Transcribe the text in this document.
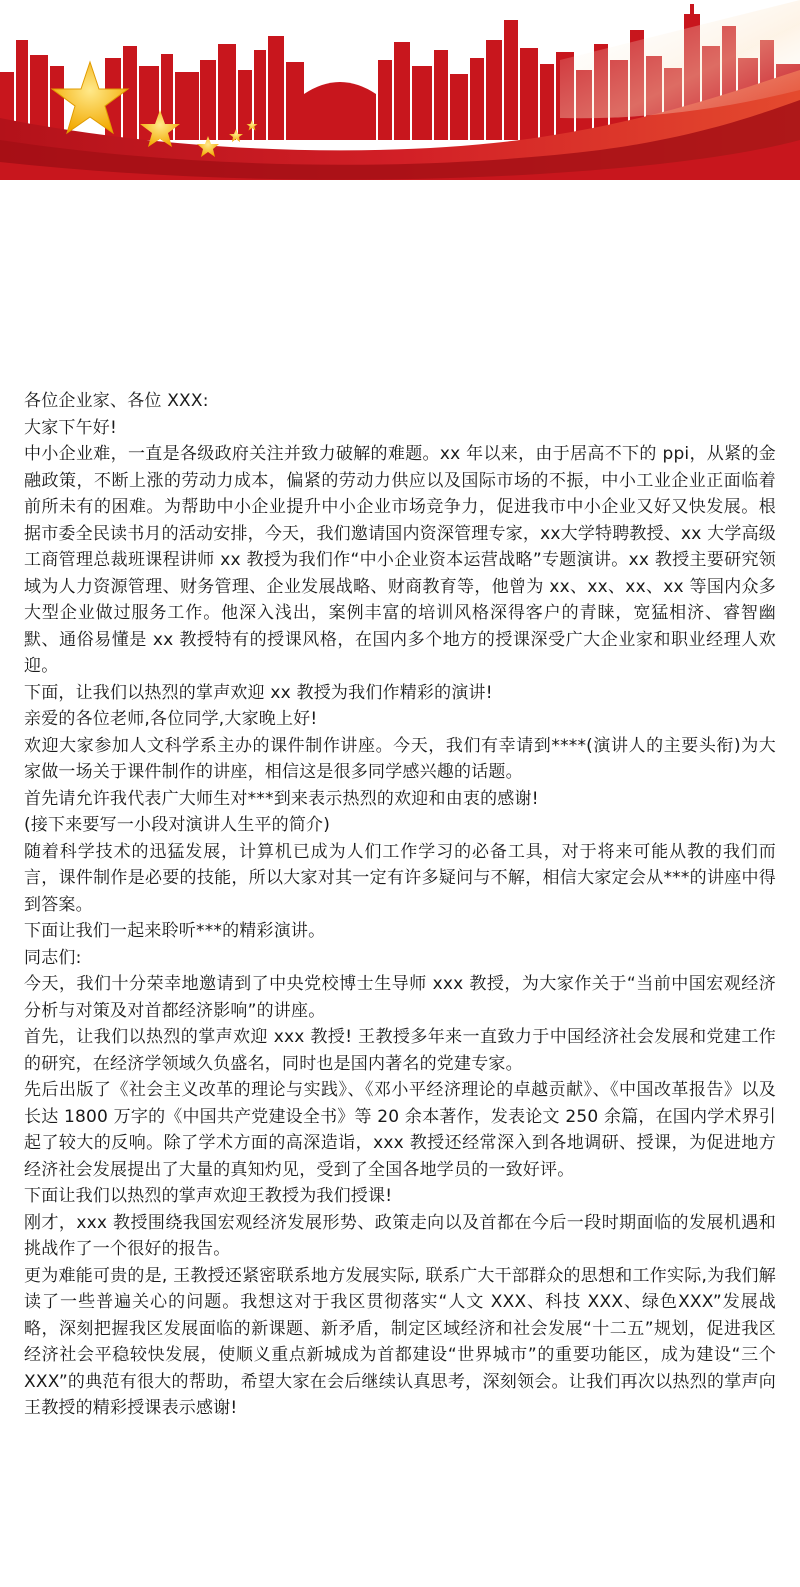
各位企业家、各位 XXX:

大家下午好!

中小企业难，一直是各级政府关注并致力破解的难题。xx 年以来，由于居高不下的 ppi，从紧的金融政策，不断上涨的劳动力成本，偏紧的劳动力供应以及国际市场的不振，中小工业企业正面临着前所未有的困难。为帮助中小企业提升中小企业市场竞争力，促进我市中小企业又好又快发展。根据市委全民读书月的活动安排，今天，我们邀请国内资深管理专家，xx大学特聘教授、xx 大学高级工商管理总裁班课程讲师 xx 教授为我们作“中小企业资本运营战略”专题演讲。xx 教授主要研究领域为人力资源管理、财务管理、企业发展战略、财商教育等，他曾为 xx、xx、xx、xx 等国内众多大型企业做过服务工作。他深入浅出，案例丰富的培训风格深得客户的青睐，宽猛相济、睿智幽默、通俗易懂是 xx 教授特有的授课风格，在国内多个地方的授课深受广大企业家和职业经理人欢迎。

下面，让我们以热烈的掌声欢迎 xx 教授为我们作精彩的演讲!

亲爱的各位老师,各位同学,大家晚上好!

欢迎大家参加人文科学系主办的课件制作讲座。今天，我们有幸请到****(演讲人的主要头衔)为大家做一场关于课件制作的讲座，相信这是很多同学感兴趣的话题。

首先请允许我代表广大师生对***到来表示热烈的欢迎和由衷的感谢!

(接下来要写一小段对演讲人生平的简介)

随着科学技术的迅猛发展，计算机已成为人们工作学习的必备工具，对于将来可能从教的我们而言，课件制作是必要的技能，所以大家对其一定有许多疑问与不解，相信大家定会从***的讲座中得到答案。

下面让我们一起来聆听***的精彩演讲。

同志们:

今天，我们十分荣幸地邀请到了中央党校博士生导师 xxx 教授，为大家作关于“当前中国宏观经济分析与对策及对首都经济影响”的讲座。

首先，让我们以热烈的掌声欢迎 xxx 教授! 王教授多年来一直致力于中国经济社会发展和党建工作的研究，在经济学领域久负盛名，同时也是国内著名的党建专家。

先后出版了《社会主义改革的理论与实践》、《邓小平经济理论的卓越贡献》、《中国改革报告》以及长达 1800 万字的《中国共产党建设全书》等 20 余本著作，发表论文 250 余篇，在国内学术界引起了较大的反响。除了学术方面的高深造诣，xxx 教授还经常深入到各地调研、授课，为促进地方经济社会发展提出了大量的真知灼见，受到了全国各地学员的一致好评。

下面让我们以热烈的掌声欢迎王教授为我们授课!

刚才，xxx 教授围绕我国宏观经济发展形势、政策走向以及首都在今后一段时期面临的发展机遇和挑战作了一个很好的报告。

更为难能可贵的是, 王教授还紧密联系地方发展实际, 联系广大干部群众的思想和工作实际,为我们解读了一些普遍关心的问题。我想这对于我区贯彻落实“人文 XXX、科技 XXX、绿色XXX”发展战略，深刻把握我区发展面临的新课题、新矛盾，制定区域经济和社会发展“十二五”规划，促进我区经济社会平稳较快发展，使顺义重点新城成为首都建设“世界城市”的重要功能区，成为建设“三个 XXX”的典范有很大的帮助，希望大家在会后继续认真思考，深刻领会。让我们再次以热烈的掌声向王教授的精彩授课表示感谢!
